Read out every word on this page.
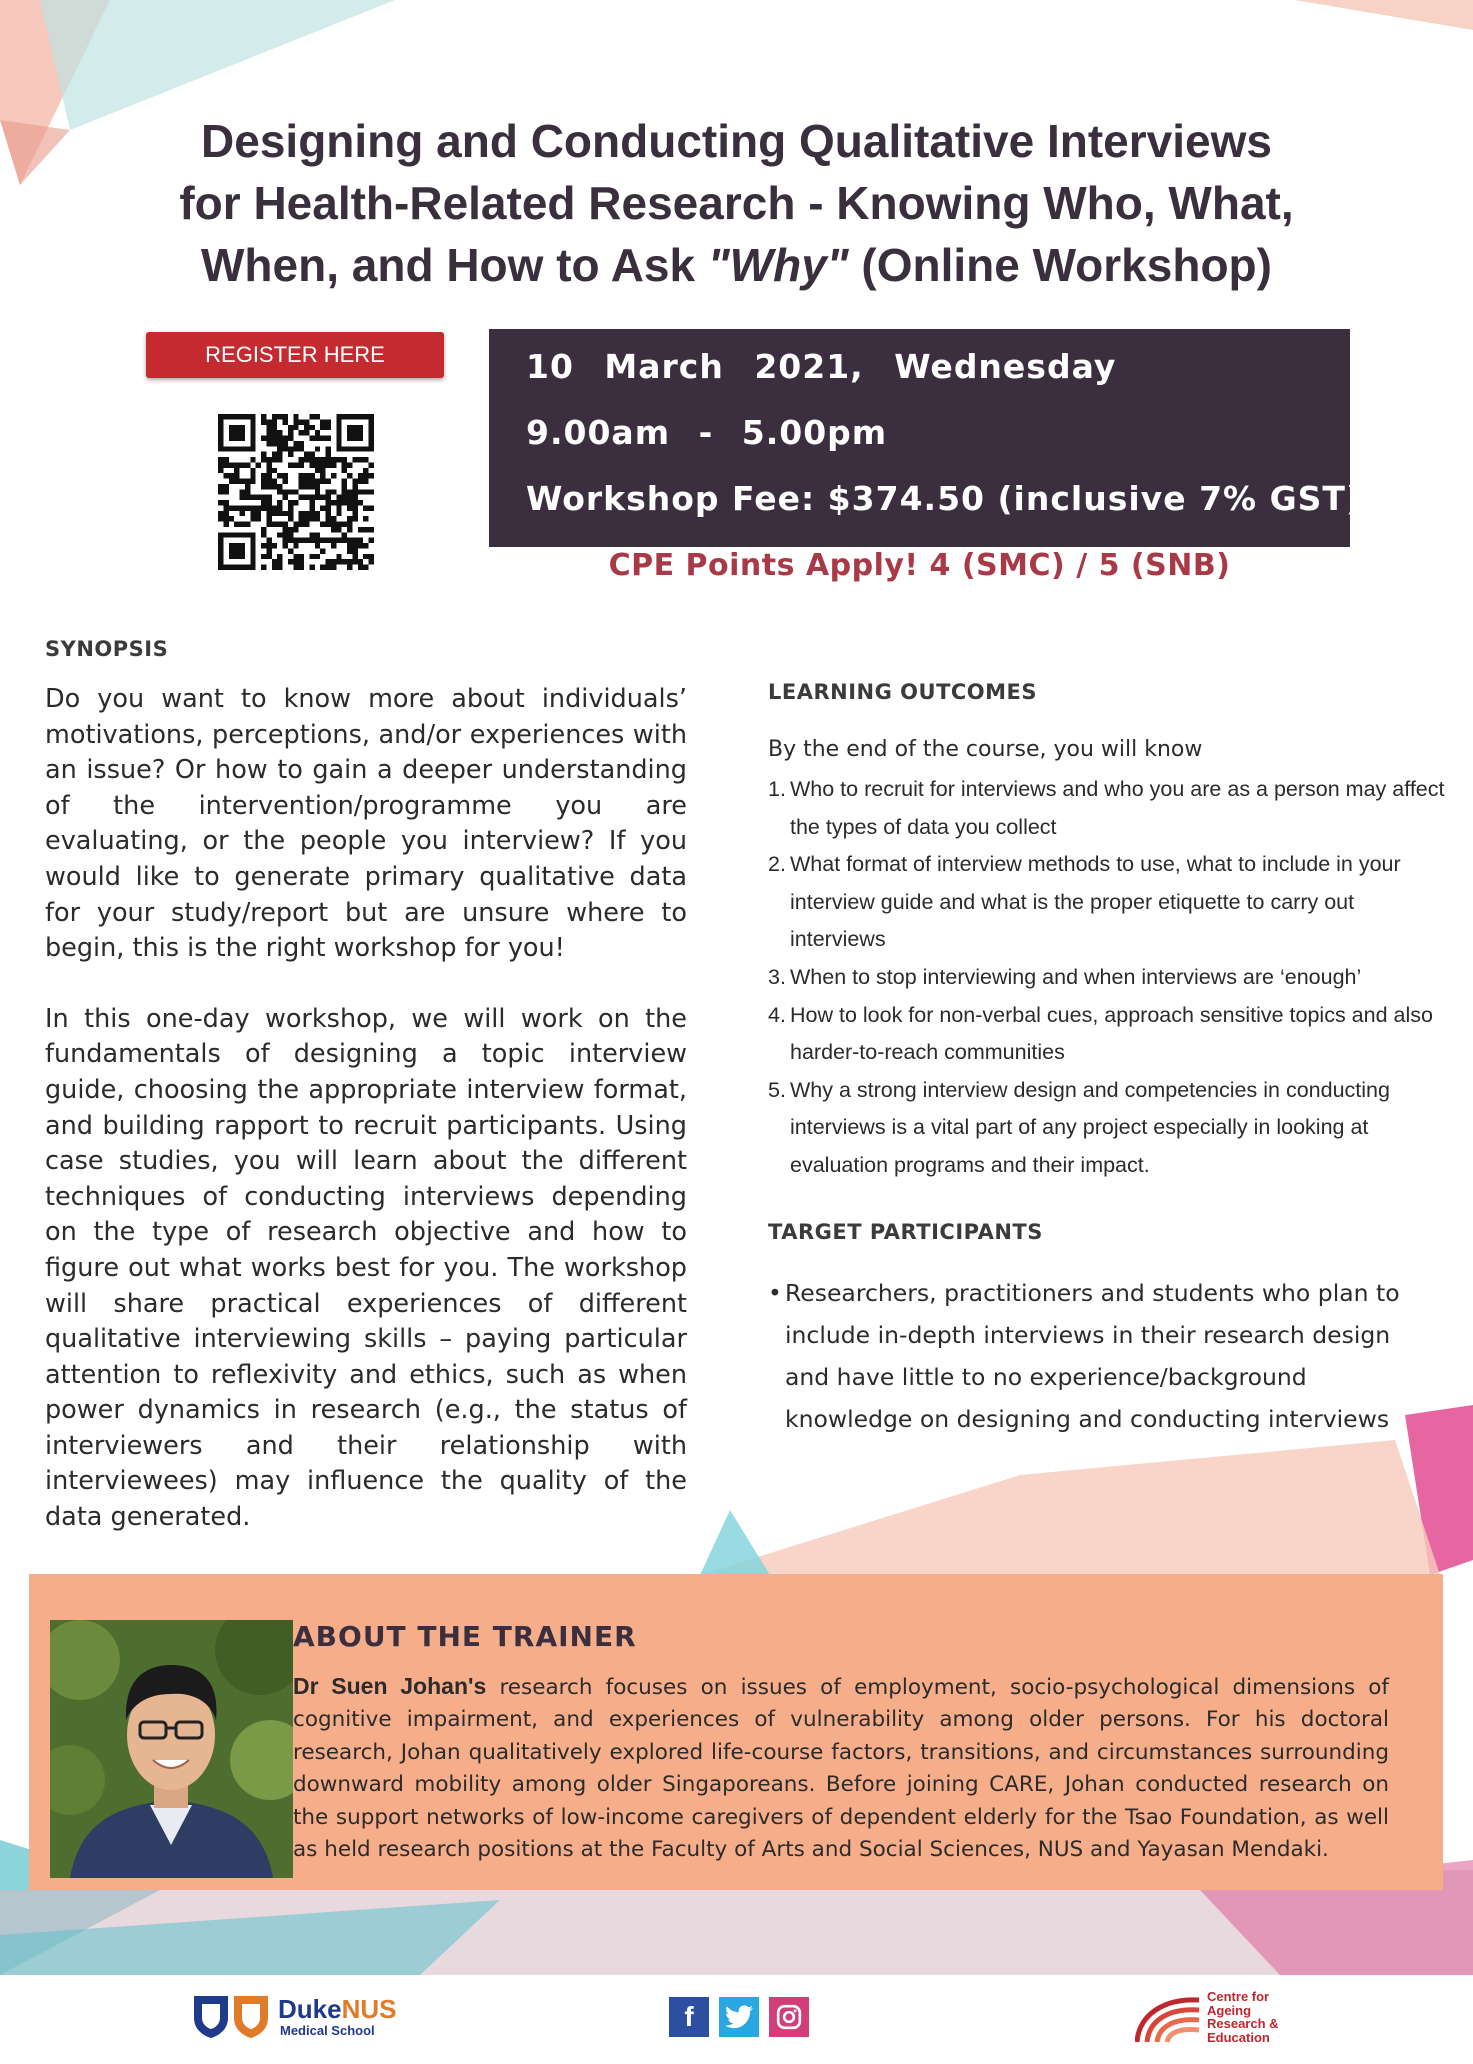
Designing and Conducting Qualitative Interviews
for Health-Related Research - Knowing Who, What,
When, and How to Ask "Why" (Online Workshop)
REGISTER HERE	10 March 2021, Wednesday
9.00am - 5.00pm
Workshop Fee: $374.50 (inclusive 7% GST)
CPE Points Apply! 4 (SMC) / 5 (SNB)
SYNOPSIS

Do you want to know more about individuals’ motivations, perceptions, and/or experiences with an issue? Or how to gain a deeper understanding of the intervention/programme you are evaluating, or the people you interview? If you would like to generate primary qualitative data for your study/report but are unsure where to begin, this is the right workshop for you!

In this one-day workshop, we will work on the fundamentals of designing a topic interview guide, choosing the appropriate interview format, and building rapport to recruit participants. Using case studies, you will learn about the different techniques of conducting interviews depending on the type of research objective and how to figure out what works best for you. The workshop will share practical experiences of different qualitative interviewing skills – paying particular attention to reflexivity and ethics, such as when power dynamics in research (e.g., the status of interviewers and their relationship with interviewees) may influence the quality of the data generated.

LEARNING OUTCOMES
By the end of the course, you will know
1. Who to recruit for interviews and who you are as a person may affect the types of data you collect
2. What format of interview methods to use, what to include in your interview guide and what is the proper etiquette to carry out interviews
3. When to stop interviewing and when interviews are ‘enough’
4. How to look for non-verbal cues, approach sensitive topics and also harder-to-reach communities
5. Why a strong interview design and competencies in conducting interviews is a vital part of any project especially in looking at evaluation programs and their impact.
TARGET PARTICIPANTS
• Researchers, practitioners and students who plan to include in-depth interviews in their research design and have little to no experience/background knowledge on designing and conducting interviews
ABOUT THE TRAINER
Dr Suen Johan's research focuses on issues of employment, socio-psychological dimensions of cognitive impairment, and experiences of vulnerability among older persons. For his doctoral research, Johan qualitatively explored life-course factors, transitions, and circumstances surrounding downward mobility among older Singaporeans. Before joining CARE, Johan conducted research on the support networks of low-income caregivers of dependent elderly for the Tsao Foundation, as well as held research positions at the Faculty of Arts and Social Sciences, NUS and Yayasan Mendaki.
DukeNUS
Medical School	f
Centre for
Ageing
Research &
Education
